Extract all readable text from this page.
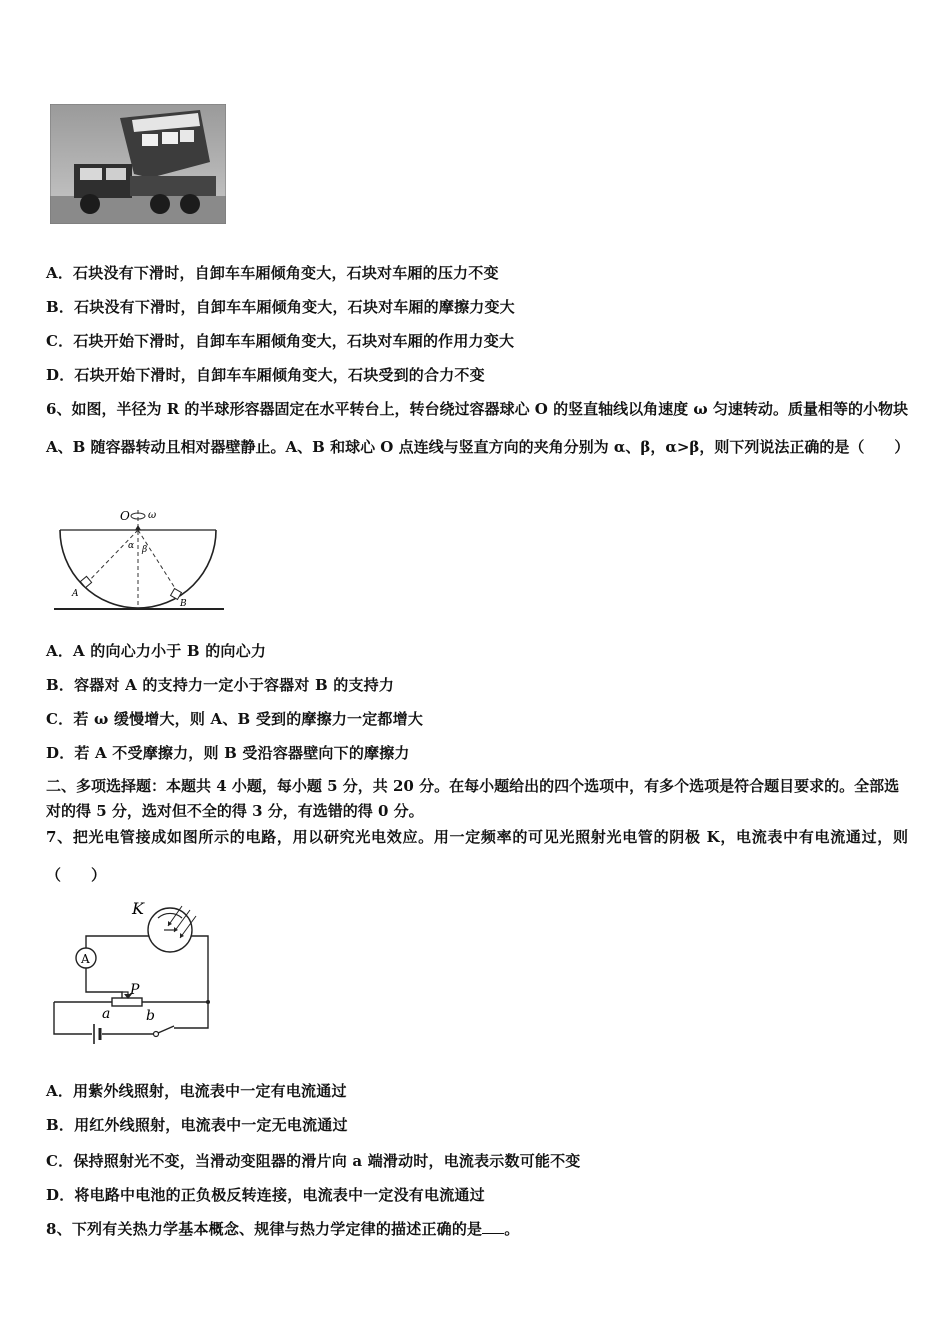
A．石块没有下滑时，自卸车车厢倾角变大，石块对车厢的压力不变
B．石块没有下滑时，自卸车车厢倾角变大，石块对车厢的摩擦力变大
C．石块开始下滑时，自卸车车厢倾角变大，石块对车厢的作用力变大
D．石块开始下滑时，自卸车车厢倾角变大，石块受到的合力不变
6、如图，半径为 R 的半球形容器固定在水平转台上，转台绕过容器球心 O 的竖直轴线以角速度 ω 匀速转动。质量相等的小物块 A、B 随容器转动且相对器壁静止。A、B 和球心 O 点连线与竖直方向的夹角分别为 α、β，α>β，则下列说法正确的是（　　）
O ω
α β
A
B
A．A 的向心力小于 B 的向心力
B．容器对 A 的支持力一定小于容器对 B 的支持力
C．若 ω 缓慢增大，则 A、B 受到的摩擦力一定都增大
D．若 A 不受摩擦力，则 B 受沿容器壁向下的摩擦力
二、多项选择题：本题共 4 小题，每小题 5 分，共 20 分。在每小题给出的四个选项中，有多个选项是符合题目要求的。全部选对的得 5 分，选对但不全的得 3 分，有选错的得 0 分。
7、把光电管接成如图所示的电路，用以研究光电效应。用一定频率的可见光照射光电管的阴极 K，电流表中有电流通过，则（　　）
A
K
P
a	b
A．用紫外线照射，电流表中一定有电流通过
B．用红外线照射，电流表中一定无电流通过
C．保持照射光不变，当滑动变阻器的滑片向 a 端滑动时，电流表示数可能不变
D．将电路中电池的正负极反转连接，电流表中一定没有电流通过
8、下列有关热力学基本概念、规律与热力学定律的描述正确的是 。
